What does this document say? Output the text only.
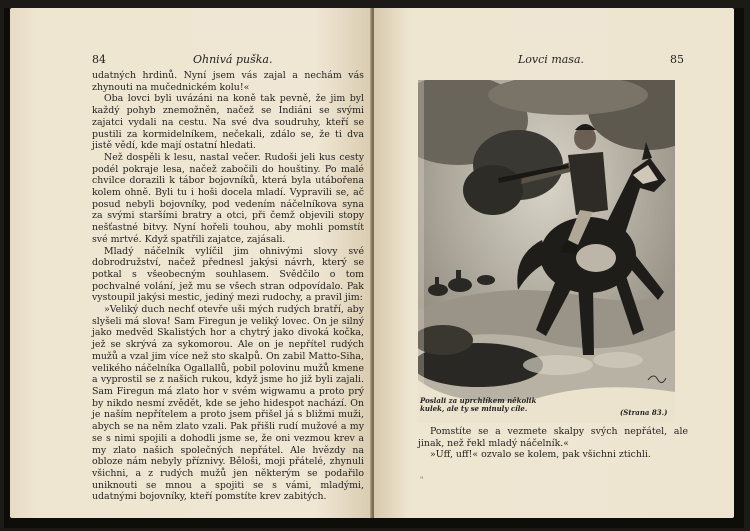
84	Ohnivá puška.

udatných hrdinů. Nyní jsem vás zajal a nechám vás zhynouti na mučednickém kolu!«

Oba lovci byli uvázáni na koně tak pevně, že jim byl každý pohyb znemožněn, načež se Indiáni se svými zajatci vydali na cestu. Na své dva soudruhy, kteří se pustili za kormidelníkem, nečekali, zdálo se, že ti dva jistě vědí, kde mají ostatní hledati.

Než dospěli k lesu, nastal večer. Rudoši jeli kus cesty podél pokraje lesa, načež zabočili do houštiny. Po malé chvilce dorazili k tábor bojovníků, která byla utábořena kolem ohně. Byli tu i hoši docela mladí. Vypravili se, ač posud nebyli bojovníky, pod vedením náčelníkova syna za svými staršími bratry a otci, při čemž objevili stopy nešťastné bitvy. Nyní hořeli touhou, aby mohli pomstít své mrtvé. Když spatřili zajatce, zajásali.

Mladý náčelník vylíčil jim ohnivými slovy své dobrodružství, načež přednesl jakýsi návrh, který se potkal s všeobecným souhlasem. Svědčilo o tom pochvalné volání, jež mu se všech stran odpovídalo. Pak vystoupil jakýsi mestic, jediný mezi rudochy, a pravil jim:

»Veliký duch nechť otevře uši mých rudých bratří, aby slyšeli má slova! Sam Firegun je veliký lovec. On je silný jako medvěd Skalistých hor a chytrý jako divoká kočka, jež se skrývá za sykomorou. Ale on je nepřítel rudých mužů a vzal jim více než sto skalpů. On zabil Matto-Siha, velikého náčelníka Ogallallů, pobil polovinu mužů kmene a vyprostil se z našich rukou, když jsme ho již byli zajali. Sam Firegun má zlato hor v svém wigwamu a proto prý by nikdo nesmí zvědět, kde se jeho hidespot nachází. On je naším nepřítelem a proto jsem přišel já s bližmi muži, abych se na něm zlato vzali. Pak přišli rudí mužové a my se s nimi spojili a dohodli jsme se, že oni vezmou krev a my zlato našich společných nepřátel. Ale hvězdy na obloze nám nebyly příznivy. Běloši, moji přátelé, zhynuli všichni, a z rudých mužů jen některým se podařilo uniknouti se mnou a spojiti se s vámi, mladými, udatnými bojovníky, kteří pomstíte krev zabitých.

Lovci masa.	85
Poslali za uprchlíkem několik kulek, ale ty se minuly cíle.	(Strana 83.)

Pomstíte se a vezmete skalpy svých nepřátel, ale jinak, než řekl mladý náčelník.«

»Uff, uff!« ozvalo se kolem, pak všichni ztichli.

"
